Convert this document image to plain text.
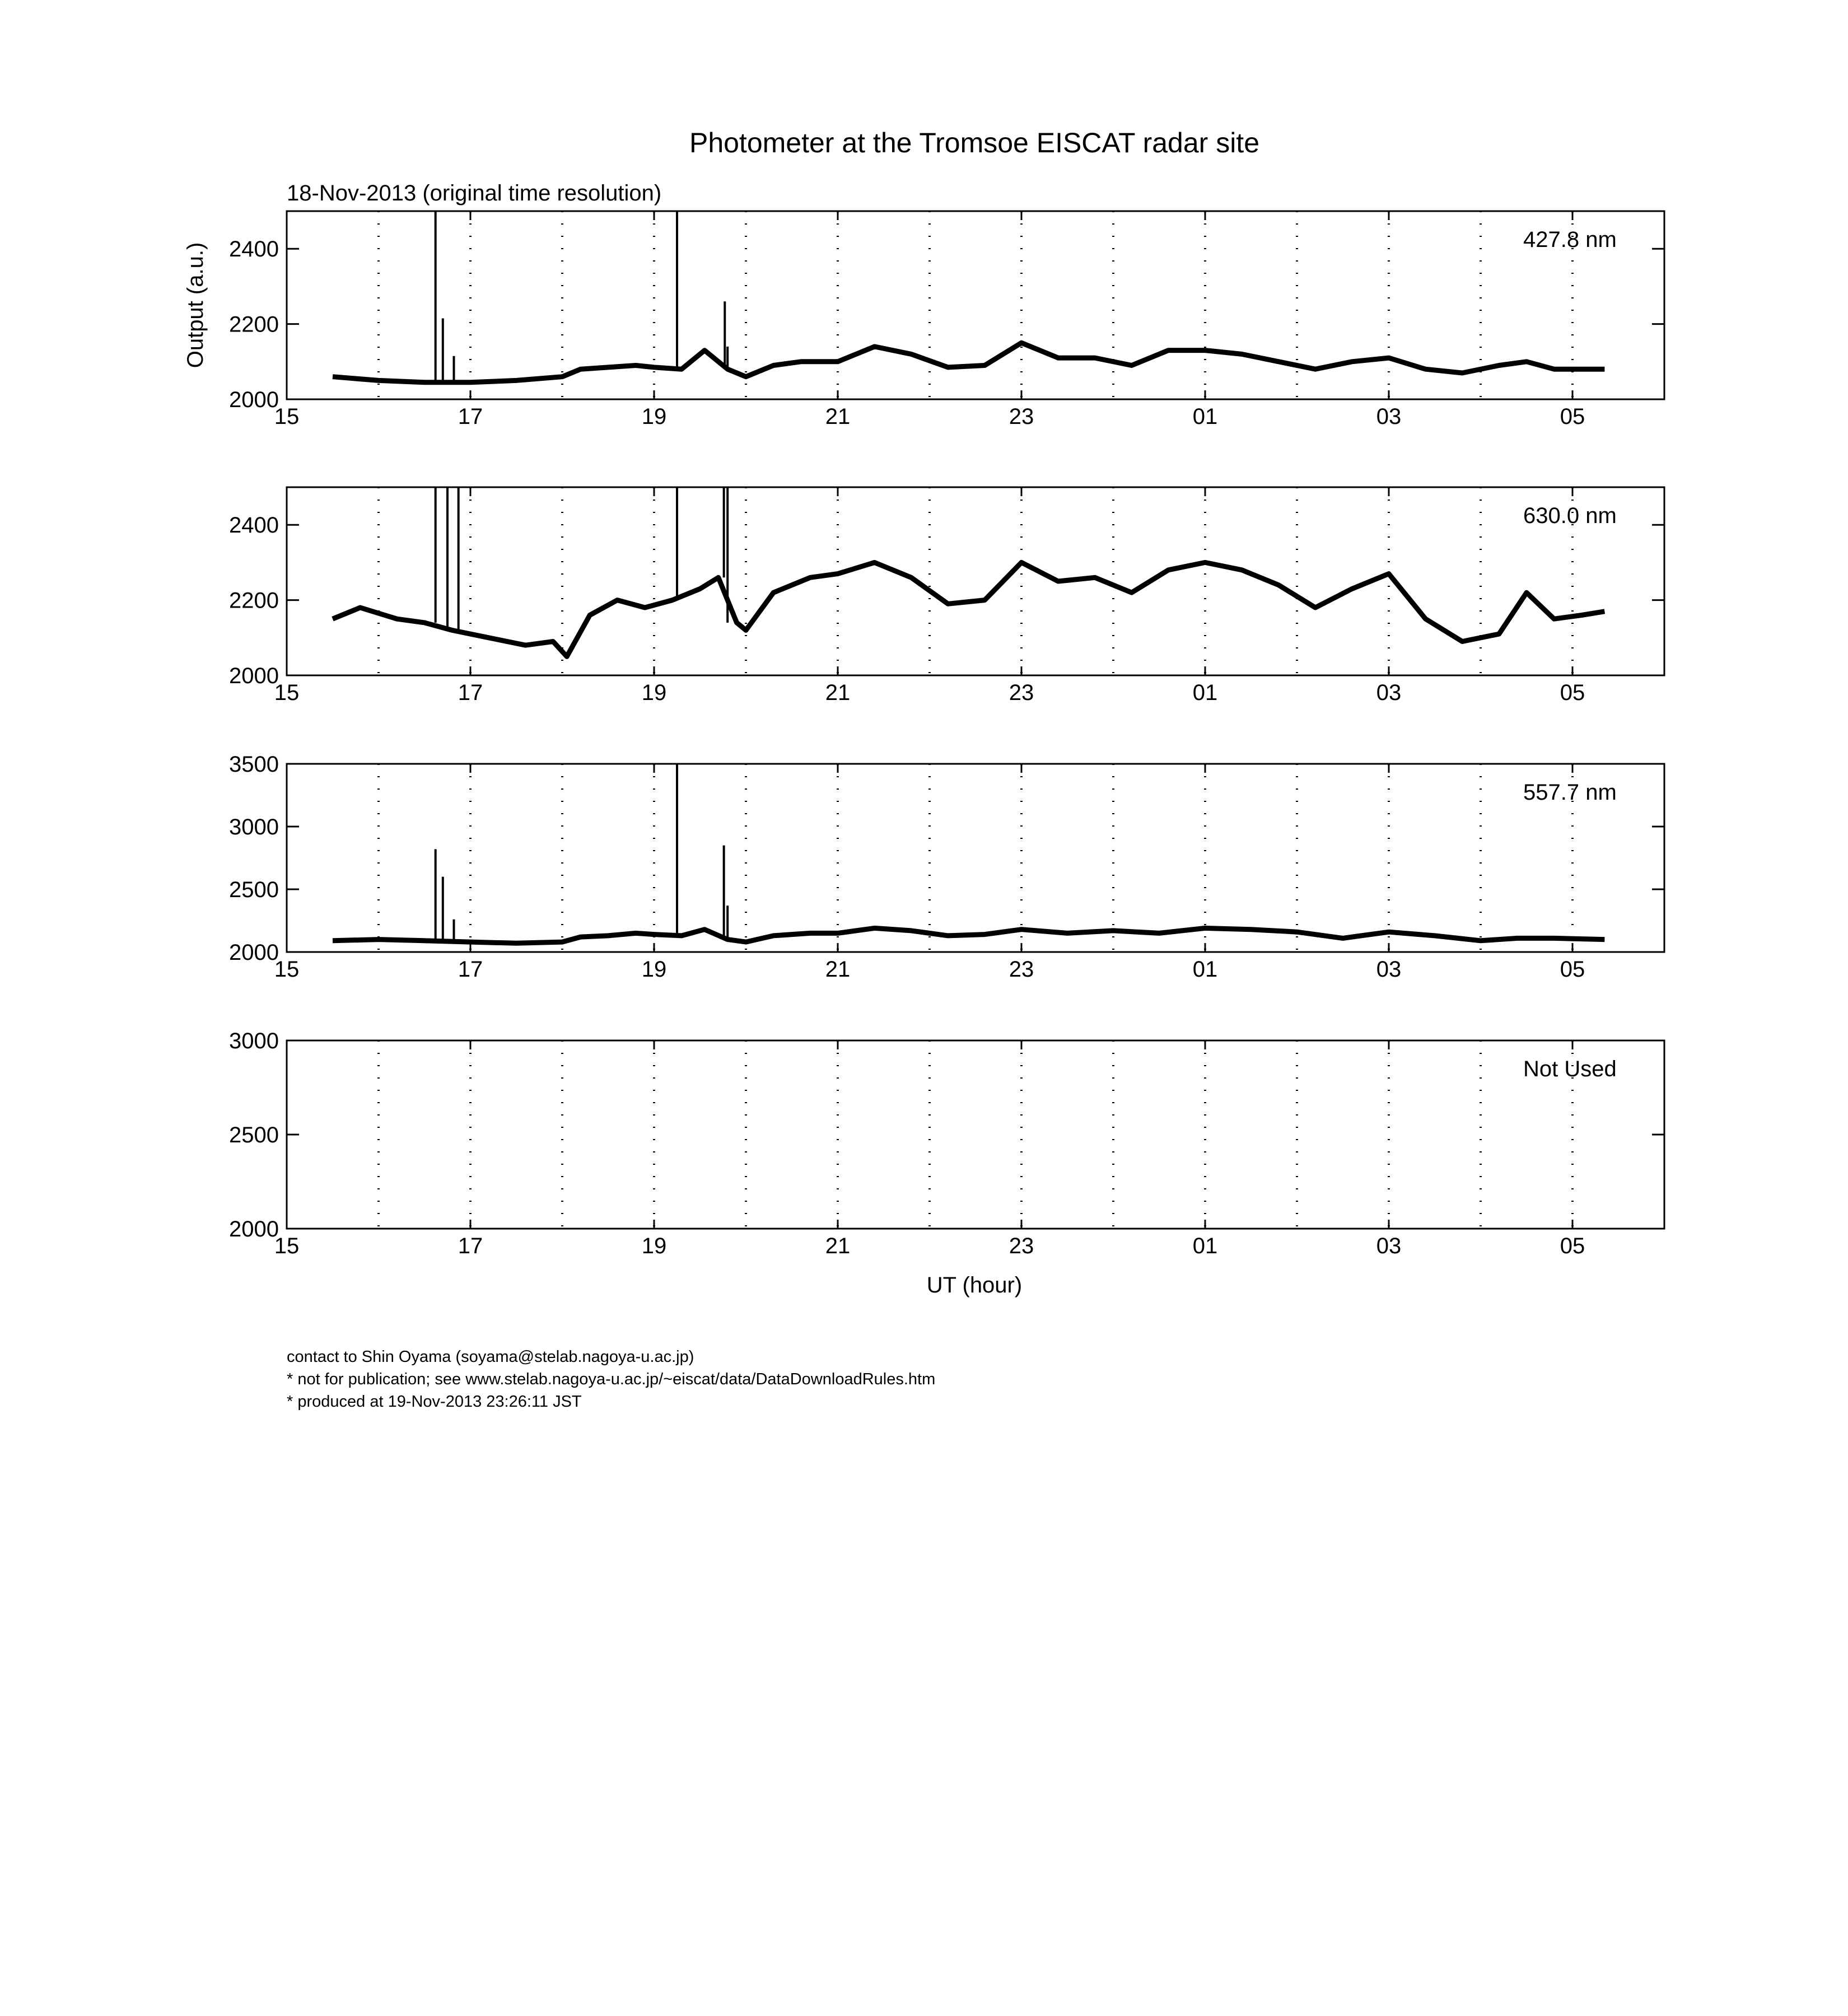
Photometer at the Tromsoe EISCAT radar site
18-Nov-2013 (original time resolution)
Output (a.u.)
UT (hour)
15	17	19	21	23	01	03	05
2000
2200
2400	427.8 nm
15	17	19	21	23	01	03	05
2000
2200
2400	630.0 nm
15	17	19	21	23	01	03	05
2000
2500
3000
3500
557.7 nm
15	17	19	21	23	01	03	05
2000
2500
3000
Not Used
contact to Shin Oyama (soyama@stelab.nagoya-u.ac.jp)
* not for publication; see www.stelab.nagoya-u.ac.jp/~eiscat/data/DataDownloadRules.htm
* produced at 19-Nov-2013 23:26:11 JST
